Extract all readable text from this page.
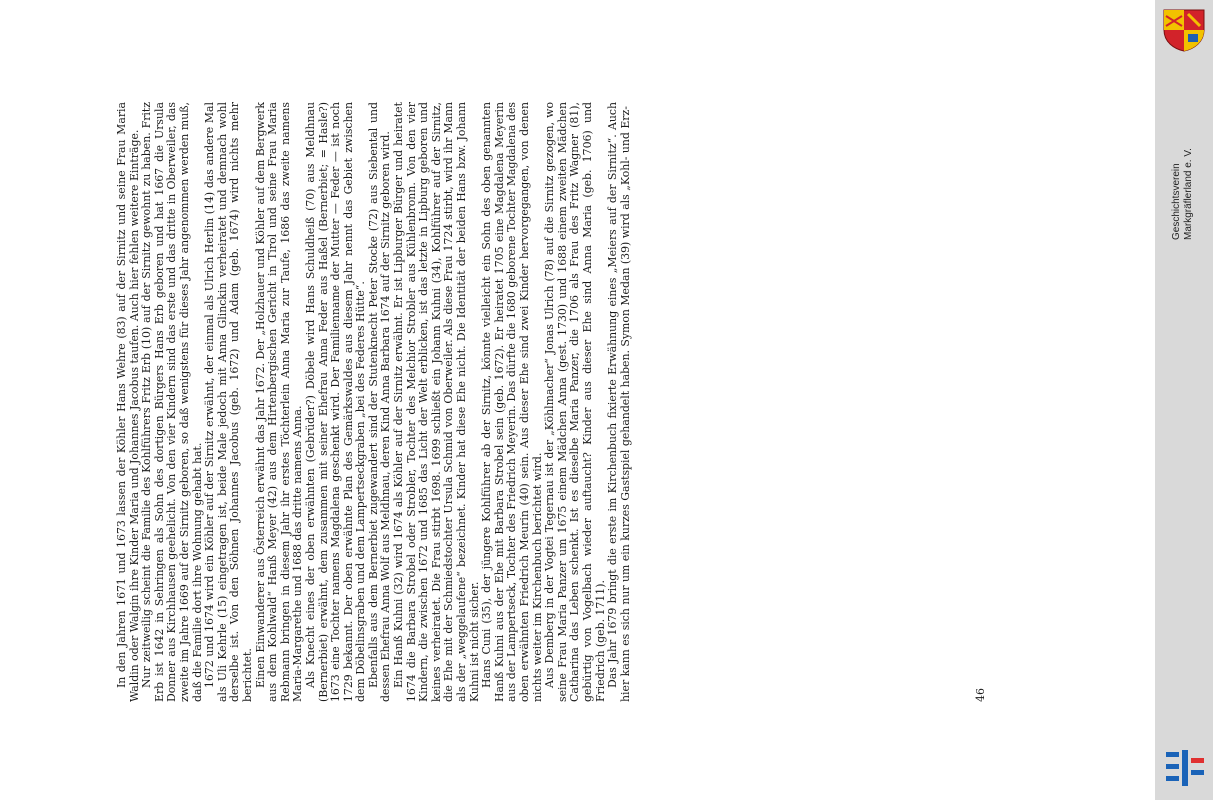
In den Jahren 1671 und 1673 lassen der Köhler Hans Wehre (83) auf der Sirnitz und seine Frau Maria Waldin oder Walgin ihre Kinder Maria und Johannes Jacobus taufen. Auch hier fehlen weitere Einträge. Nur zeitweilig scheint die Familie des Kohlführers Fritz Erb (10) auf der Sirnitz gewohnt zu haben. Fritz Erb ist 1642 in Sehringen als Sohn des dortigen Bürgers Hans Erb geboren und hat 1667 die Ursula Donner aus Kirchhausen geehelicht. Von den vier Kindern sind das erste und das dritte in Oberweiler, das zweite im Jahre 1669 auf der Sirnitz geboren, so daß wenigstens für dieses Jahr angenommen werden muß, daß die Familie dort ihre Wohnung gehabt hat. 1672 und 1674 wird ein Köhler auf der Sirnitz erwähnt, der einmal als Ulrich Herlin (14) das andere Mal als Uli Kehrle (15) eingetragen ist, beide Male jedoch mit Anna Glinckin verheiratet und demnach wohl derselbe ist. Von den Söhnen Johannes Jacobus (geb. 1672) und Adam (geb. 1674) wird nichts mehr berichtet. Einen Einwanderer aus Österreich erwähnt das Jahr 1672. Der „Holzhauer und Köhler auf dem Bergwerk aus dem Kohlwald“ Hanß Meyer (42) aus dem Hirtenbergischen Gericht in Tirol und seine Frau Maria Rebmann bringen in diesem Jahr ihr erstes Töchterlein Anna Maria zur Taufe, 1686 das zweite namens Maria-Margarethe und 1688 das dritte namens Anna. Als Knecht eines der oben erwähnten (Gebrüder?) Döbele wird Hans Schuldheiß (70) aus Meldhnau (Bernerbiet) erwähnt, dem zusammen mit seiner Ehefrau Anna Feder aus Haßel (Bernerbiet; = Hasle?) 1673 eine Tochter namens Magdalena geschenkt wird. Der Familienname der Mutter — Feder — ist noch 1729 bekannt. Der oben erwähnte Plan des Gemärkswaldes aus diesem Jahr nennt das Gebiet zwischen dem Döbelinsgraben und dem Lampertseckgraben „bei des Federes Hütte“. Ebenfalls aus dem Bernerbiet zugewandert sind der Stutenknecht Peter Stocke (72) aus Siebental und dessen Ehefrau Anna Wolf aus Meldhnau, deren Kind Anna Barbara 1674 auf der Sirnitz geboren wird. Ein Hanß Kuhni (32) wird 1674 als Köhler auf der Sirnitz erwähnt. Er ist Lipburger Bürger und heiratet 1674 die Barbara Strobel oder Strobler, Tochter des Melchior Strobler aus Kühlenbronn. Von den vier Kindern, die zwischen 1672 und 1685 das Licht der Welt erblicken, ist das letzte in Lipburg geboren und keines verheiratet. Die Frau stirbt 1698. 1699 schließt ein Johann Kuhni (34), Kohlführer auf der Sirnitz, die Ehe mit der Schmiedstochter Ursula Schmid von Oberweiler. Als diese Frau 1724 stirbt, wird ihr Mann als der „weggelaufene“ bezeichnet. Kinder hat diese Ehe nicht. Die Identität der beiden Hans bzw. Johann Kuhni ist nicht sicher. Hans Cuni (35), der jüngere Kohlführer ab der Sirnitz, könnte vielleicht ein Sohn des oben genannten Hanß Kuhni aus der Ehe mit Barbara Strobel sein (geb. 1672). Er heiratet 1705 eine Magdalena Meyerin aus der Lampertseck, Tochter des Friedrich Meyerin. Das dürfte die 1680 geborene Tochter Magdalena des oben erwähnten Friedrich Meurin (40) sein. Aus dieser Ehe sind zwei Kinder hervorgegangen, von denen nichts weiter im Kirchenbuch berichtet wird. Aus Demberg in der Vogtei Tegernau ist der „Köhlmacher“ Jonas Ulrich (78) auf die Sirnitz gezogen, wo seine Frau Maria Panzer um 1675 einem Mädchen Anna (gest. 1730) und 1688 einem zweiten Mädchen Catharina das Leben schenkt. Ist es dieselbe Maria Panzer, die 1706 als Frau des Fritz Wagner (81), gebürtig von Vogelbach wieder auftaucht? Kinder aus dieser Ehe sind Anna Maria (geb. 1706) und Friedrich (geb. 1711). Das Jahr 1679 bringt die erste im Kirchenbuch fixierte Erwähnung eines „Meiers auf der Sirnitz“. Auch hier kann es sich nur um ein kurzes Gastspiel gehandelt haben. Symon Medan (39) wird als „Kohl- und Erz-	46
Geschichtsverein Markgräflerland e. V.
